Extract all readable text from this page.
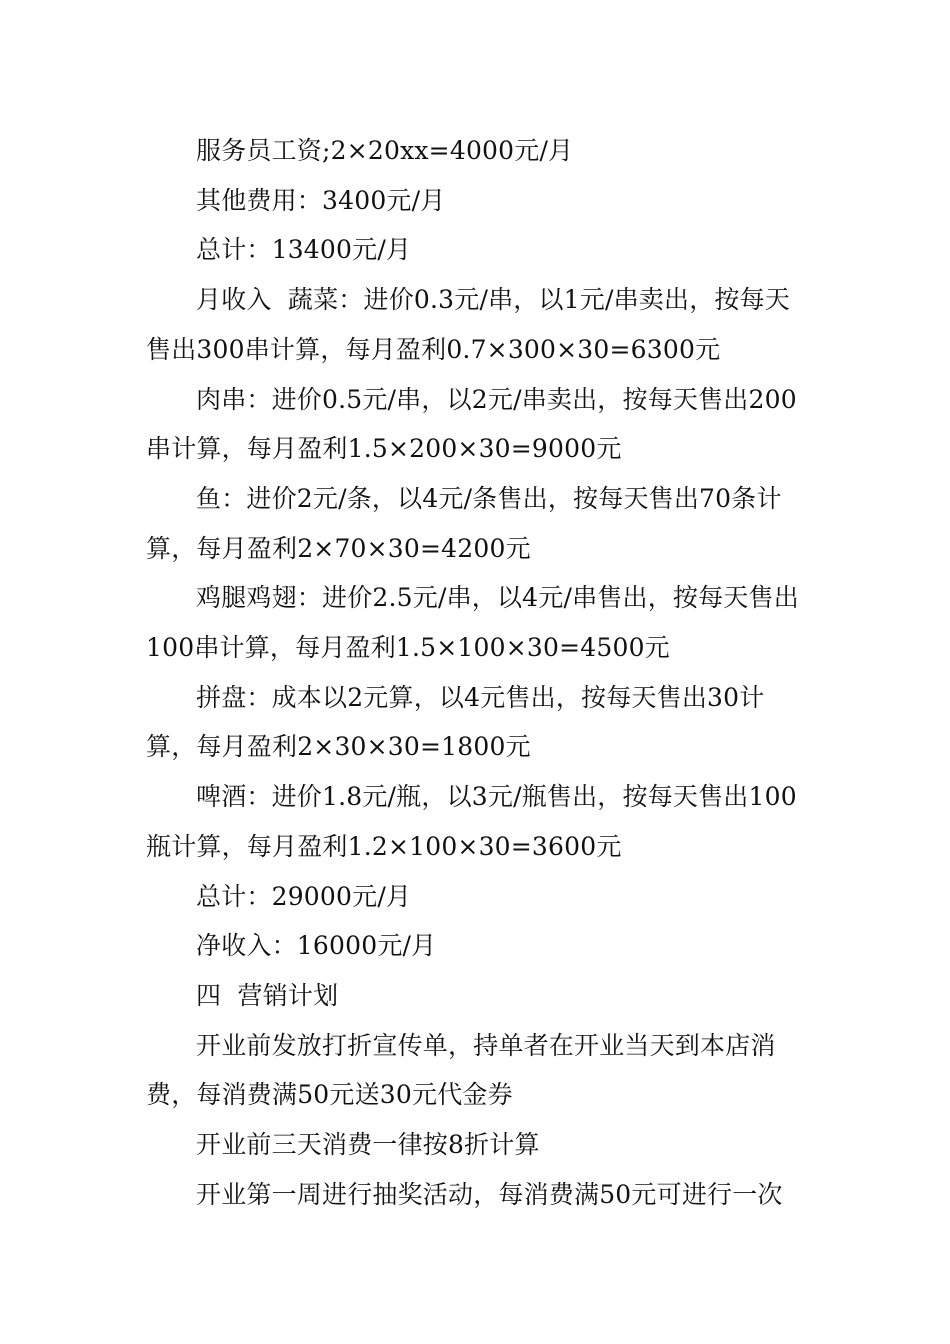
服务员工资;2×20xx=4000元/月

其他费用：3400元/月

总计：13400元/月

月收入  蔬菜：进价0.3元/串，以1元/串卖出，按每天售出300串计算，每月盈利0.7×300×30=6300元

肉串：进价0.5元/串，以2元/串卖出，按每天售出200串计算，每月盈利1.5×200×30=9000元

鱼：进价2元/条，以4元/条售出，按每天售出70条计算，每月盈利2×70×30=4200元

鸡腿鸡翅：进价2.5元/串，以4元/串售出，按每天售出100串计算，每月盈利1.5×100×30=4500元

拼盘：成本以2元算，以4元售出，按每天售出30计算，每月盈利2×30×30=1800元

啤酒：进价1.8元/瓶，以3元/瓶售出，按每天售出100瓶计算，每月盈利1.2×100×30=3600元

总计：29000元/月

净收入：16000元/月

四  营销计划

开业前发放打折宣传单，持单者在开业当天到本店消费，每消费满50元送30元代金券

开业前三天消费一律按8折计算

开业第一周进行抽奖活动，每消费满50元可进行一次
